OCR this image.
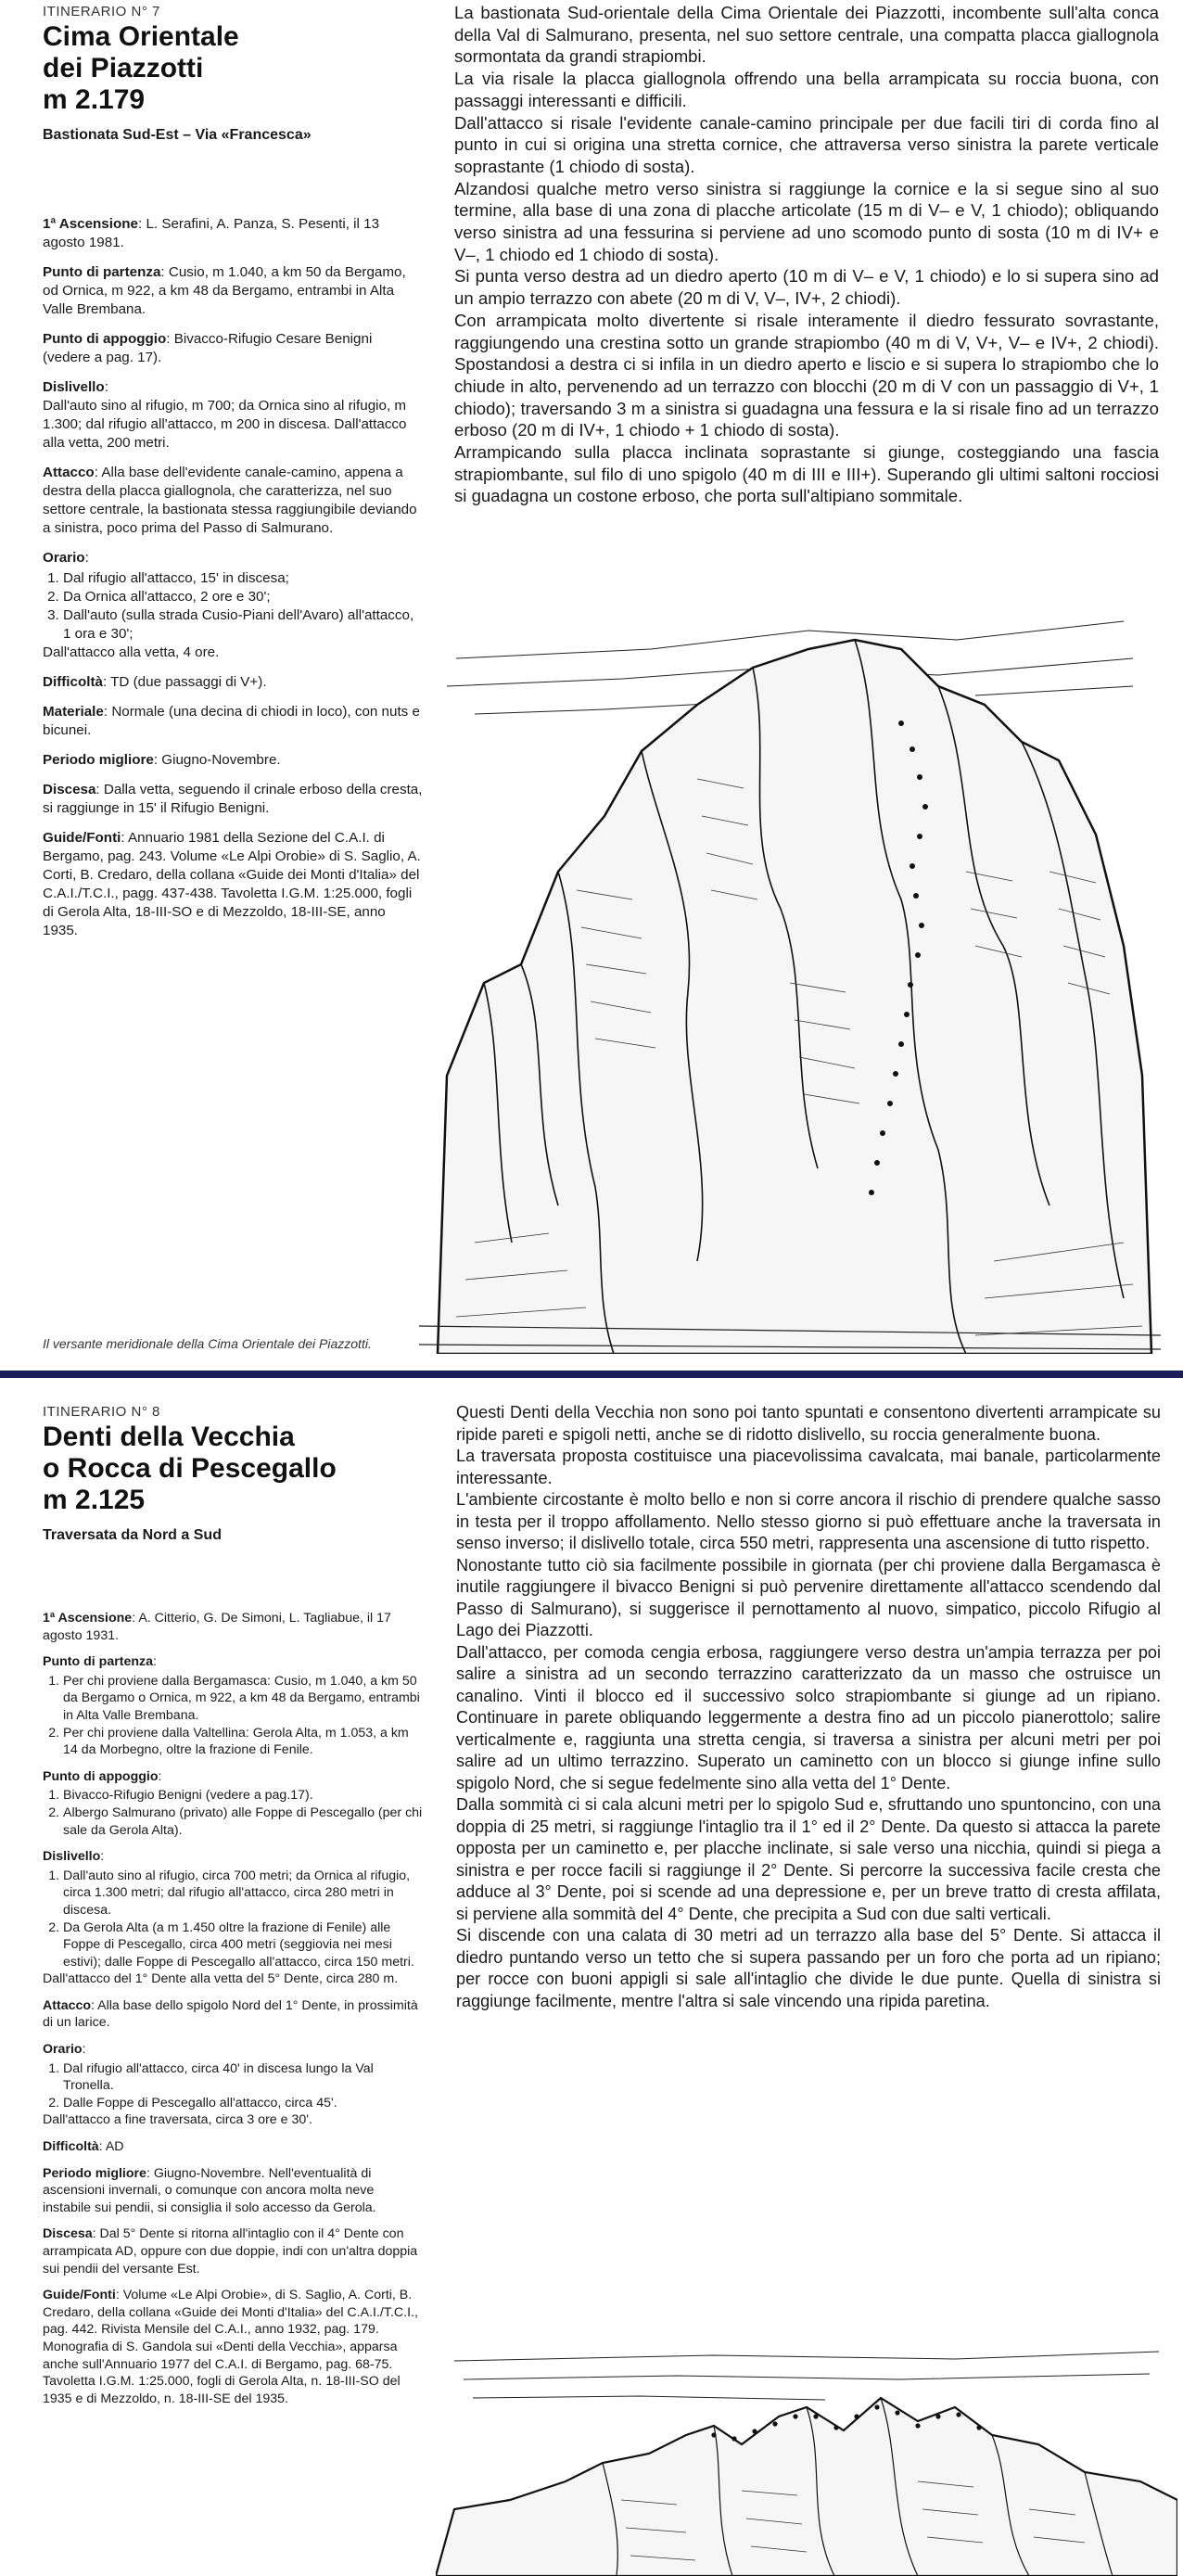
ITINERARIO N° 7
Cima Orientale
dei Piazzotti
m 2.179
Bastionata Sud-Est – Via «Francesca»
1ª Ascensione: L. Serafini, A. Panza, S. Pesenti, il 13 agosto 1981.
Punto di partenza: Cusio, m 1.040, a km 50 da Bergamo, od Ornica, m 922, a km 48 da Bergamo, entrambi in Alta Valle Brembana.
Punto di appoggio: Bivacco-Rifugio Cesare Benigni (vedere a pag. 17).
Dislivello:
Dall'auto sino al rifugio, m 700; da Ornica sino al rifugio, m 1.300; dal rifugio all'attacco, m 200 in discesa. Dall'attacco alla vetta, 200 metri.
Attacco: Alla base dell'evidente canale-camino, appena a destra della placca giallognola, che caratterizza, nel suo settore centrale, la bastionata stessa raggiungibile deviando a sinistra, poco prima del Passo di Salmurano.
Orario:
1. Dal rifugio all'attacco, 15' in discesa;
2. Da Ornica all'attacco, 2 ore e 30';
3. Dall'auto (sulla strada Cusio-Piani dell'Avaro) all'attacco, 1 ora e 30';

Dall'attacco alla vetta, 4 ore.

Difficoltà: TD (due passaggi di V+).
Materiale: Normale (una decina di chiodi in loco), con nuts e bicunei.
Periodo migliore: Giugno-Novembre.
Discesa: Dalla vetta, seguendo il crinale erboso della cresta, si raggiunge in 15' il Rifugio Benigni.
Guide/Fonti: Annuario 1981 della Sezione del C.A.I. di Bergamo, pag. 243. Volume «Le Alpi Orobie» di S. Saglio, A. Corti, B. Credaro, della collana «Guide dei Monti d'Italia» del C.A.I./T.C.I., pagg. 437-438. Tavoletta I.G.M. 1:25.000, fogli di Gerola Alta, 18-III-SO e di Mezzoldo, 18-III-SE, anno 1935.

La bastionata Sud-orientale della Cima Orientale dei Piazzotti, incombente sull'alta conca della Val di Salmurano, presenta, nel suo settore centrale, una compatta placca giallognola sormontata da grandi strapiombi.

La via risale la placca giallognola offrendo una bella arrampicata su roccia buona, con passaggi interessanti e difficili.

Dall'attacco si risale l'evidente canale-camino principale per due facili tiri di corda fino al punto in cui si origina una stretta cornice, che attraversa verso sinistra la parete verticale soprastante (1 chiodo di sosta).

Alzandosi qualche metro verso sinistra si raggiunge la cornice e la si segue sino al suo termine, alla base di una zona di placche articolate (15 m di V– e V, 1 chiodo); obliquando verso sinistra ad una fessurina si perviene ad uno scomodo punto di sosta (10 m di IV+ e V–, 1 chiodo ed 1 chiodo di sosta).

Si punta verso destra ad un diedro aperto (10 m di V– e V, 1 chiodo) e lo si supera sino ad un ampio terrazzo con abete (20 m di V, V–, IV+, 2 chiodi).

Con arrampicata molto divertente si risale interamente il diedro fessurato sovrastante, raggiungendo una crestina sotto un grande strapiombo (40 m di V, V+, V– e IV+, 2 chiodi). Spostandosi a destra ci si infila in un diedro aperto e liscio e si supera lo strapiombo che lo chiude in alto, pervenendo ad un terrazzo con blocchi (20 m di V con un passaggio di V+, 1 chiodo); traversando 3 m a sinistra si guadagna una fessura e la si risale fino ad un terrazzo erboso (20 m di IV+, 1 chiodo + 1 chiodo di sosta).

Arrampicando sulla placca inclinata soprastante si giunge, costeggiando una fascia strapiombante, sul filo di uno spigolo (40 m di III e III+). Superando gli ultimi saltoni rocciosi si guadagna un costone erboso, che porta sull'altipiano sommitale.

Il versante meridionale della Cima Orientale dei Piazzotti.
ITINERARIO N° 8
Denti della Vecchia
o Rocca di Pescegallo
m 2.125
Traversata da Nord a Sud
1ª Ascensione: A. Citterio, G. De Simoni, L. Tagliabue, il 17 agosto 1931.
Punto di partenza:
1. Per chi proviene dalla Bergamasca: Cusio, m 1.040, a km 50 da Bergamo o Ornica, m 922, a km 48 da Bergamo, entrambi in Alta Valle Brembana.
2. Per chi proviene dalla Valtellina: Gerola Alta, m 1.053, a km 14 da Morbegno, oltre la frazione di Fenile.
Punto di appoggio:
1. Bivacco-Rifugio Benigni (vedere a pag.17).
2. Albergo Salmurano (privato) alle Foppe di Pescegallo (per chi sale da Gerola Alta).
Dislivello:
1. Dall'auto sino al rifugio, circa 700 metri; da Ornica al rifugio, circa 1.300 metri; dal rifugio all'attacco, circa 280 metri in discesa.
2. Da Gerola Alta (a m 1.450 oltre la frazione di Fenile) alle Foppe di Pescegallo, circa 400 metri (seggiovia nei mesi estivi); dalle Foppe di Pescegallo all'attacco, circa 150 metri.

Dall'attacco del 1° Dente alla vetta del 5° Dente, circa 280 m.

Attacco: Alla base dello spigolo Nord del 1° Dente, in prossimità di un larice.
Orario:
1. Dal rifugio all'attacco, circa 40' in discesa lungo la Val Tronella.
2. Dalle Foppe di Pescegallo all'attacco, circa 45'.

Dall'attacco a fine traversata, circa 3 ore e 30'.

Difficoltà: AD
Periodo migliore: Giugno-Novembre. Nell'eventualità di ascensioni invernali, o comunque con ancora molta neve instabile sui pendii, si consiglia il solo accesso da Gerola.
Discesa: Dal 5° Dente si ritorna all'intaglio con il 4° Dente con arrampicata AD, oppure con due doppie, indi con un'altra doppia sui pendii del versante Est.
Guide/Fonti: Volume «Le Alpi Orobie», di S. Saglio, A. Corti, B. Credaro, della collana «Guide dei Monti d'Italia» del C.A.I./T.C.I., pag. 442. Rivista Mensile del C.A.I., anno 1932, pag. 179. Monografia di S. Gandola sui «Denti della Vecchia», apparsa anche sull'Annuario 1977 del C.A.I. di Bergamo, pag. 68-75. Tavoletta I.G.M. 1:25.000, fogli di Gerola Alta, n. 18-III-SO del 1935 e di Mezzoldo, n. 18-III-SE del 1935.

Questi Denti della Vecchia non sono poi tanto spuntati e consentono divertenti arrampicate su ripide pareti e spigoli netti, anche se di ridotto dislivello, su roccia generalmente buona.

La traversata proposta costituisce una piacevolissima cavalcata, mai banale, particolarmente interessante.

L'ambiente circostante è molto bello e non si corre ancora il rischio di prendere qualche sasso in testa per il troppo affollamento. Nello stesso giorno si può effettuare anche la traversata in senso inverso; il dislivello totale, circa 550 metri, rappresenta una ascensione di tutto rispetto.

Nonostante tutto ciò sia facilmente possibile in giornata (per chi proviene dalla Bergamasca è inutile raggiungere il bivacco Benigni si può pervenire direttamente all'attacco scendendo dal Passo di Salmurano), si suggerisce il pernottamento al nuovo, simpatico, piccolo Rifugio al Lago dei Piazzotti.

Dall'attacco, per comoda cengia erbosa, raggiungere verso destra un'ampia terrazza per poi salire a sinistra ad un secondo terrazzino caratterizzato da un masso che ostruisce un canalino. Vinti il blocco ed il successivo solco strapiombante si giunge ad un ripiano. Continuare in parete obliquando leggermente a destra fino ad un piccolo pianerottolo; salire verticalmente e, raggiunta una stretta cengia, si traversa a sinistra per alcuni metri per poi salire ad un ultimo terrazzino. Superato un caminetto con un blocco si giunge infine sullo spigolo Nord, che si segue fedelmente sino alla vetta del 1° Dente.

Dalla sommità ci si cala alcuni metri per lo spigolo Sud e, sfruttando uno spuntoncino, con una doppia di 25 metri, si raggiunge l'intaglio tra il 1° ed il 2° Dente. Da questo si attacca la parete opposta per un caminetto e, per placche inclinate, si sale verso una nicchia, quindi si piega a sinistra e per rocce facili si raggiunge il 2° Dente. Si percorre la successiva facile cresta che adduce al 3° Dente, poi si scende ad una depressione e, per un breve tratto di cresta affilata, si perviene alla sommità del 4° Dente, che precipita a Sud con due salti verticali.

Si discende con una calata di 30 metri ad un terrazzo alla base del 5° Dente. Si attacca il diedro puntando verso un tetto che si supera passando per un foro che porta ad un ripiano; per rocce con buoni appigli si sale all'intaglio che divide le due punte. Quella di sinistra si raggiunge facilmente, mentre l'altra si sale vincendo una ripida paretina.
